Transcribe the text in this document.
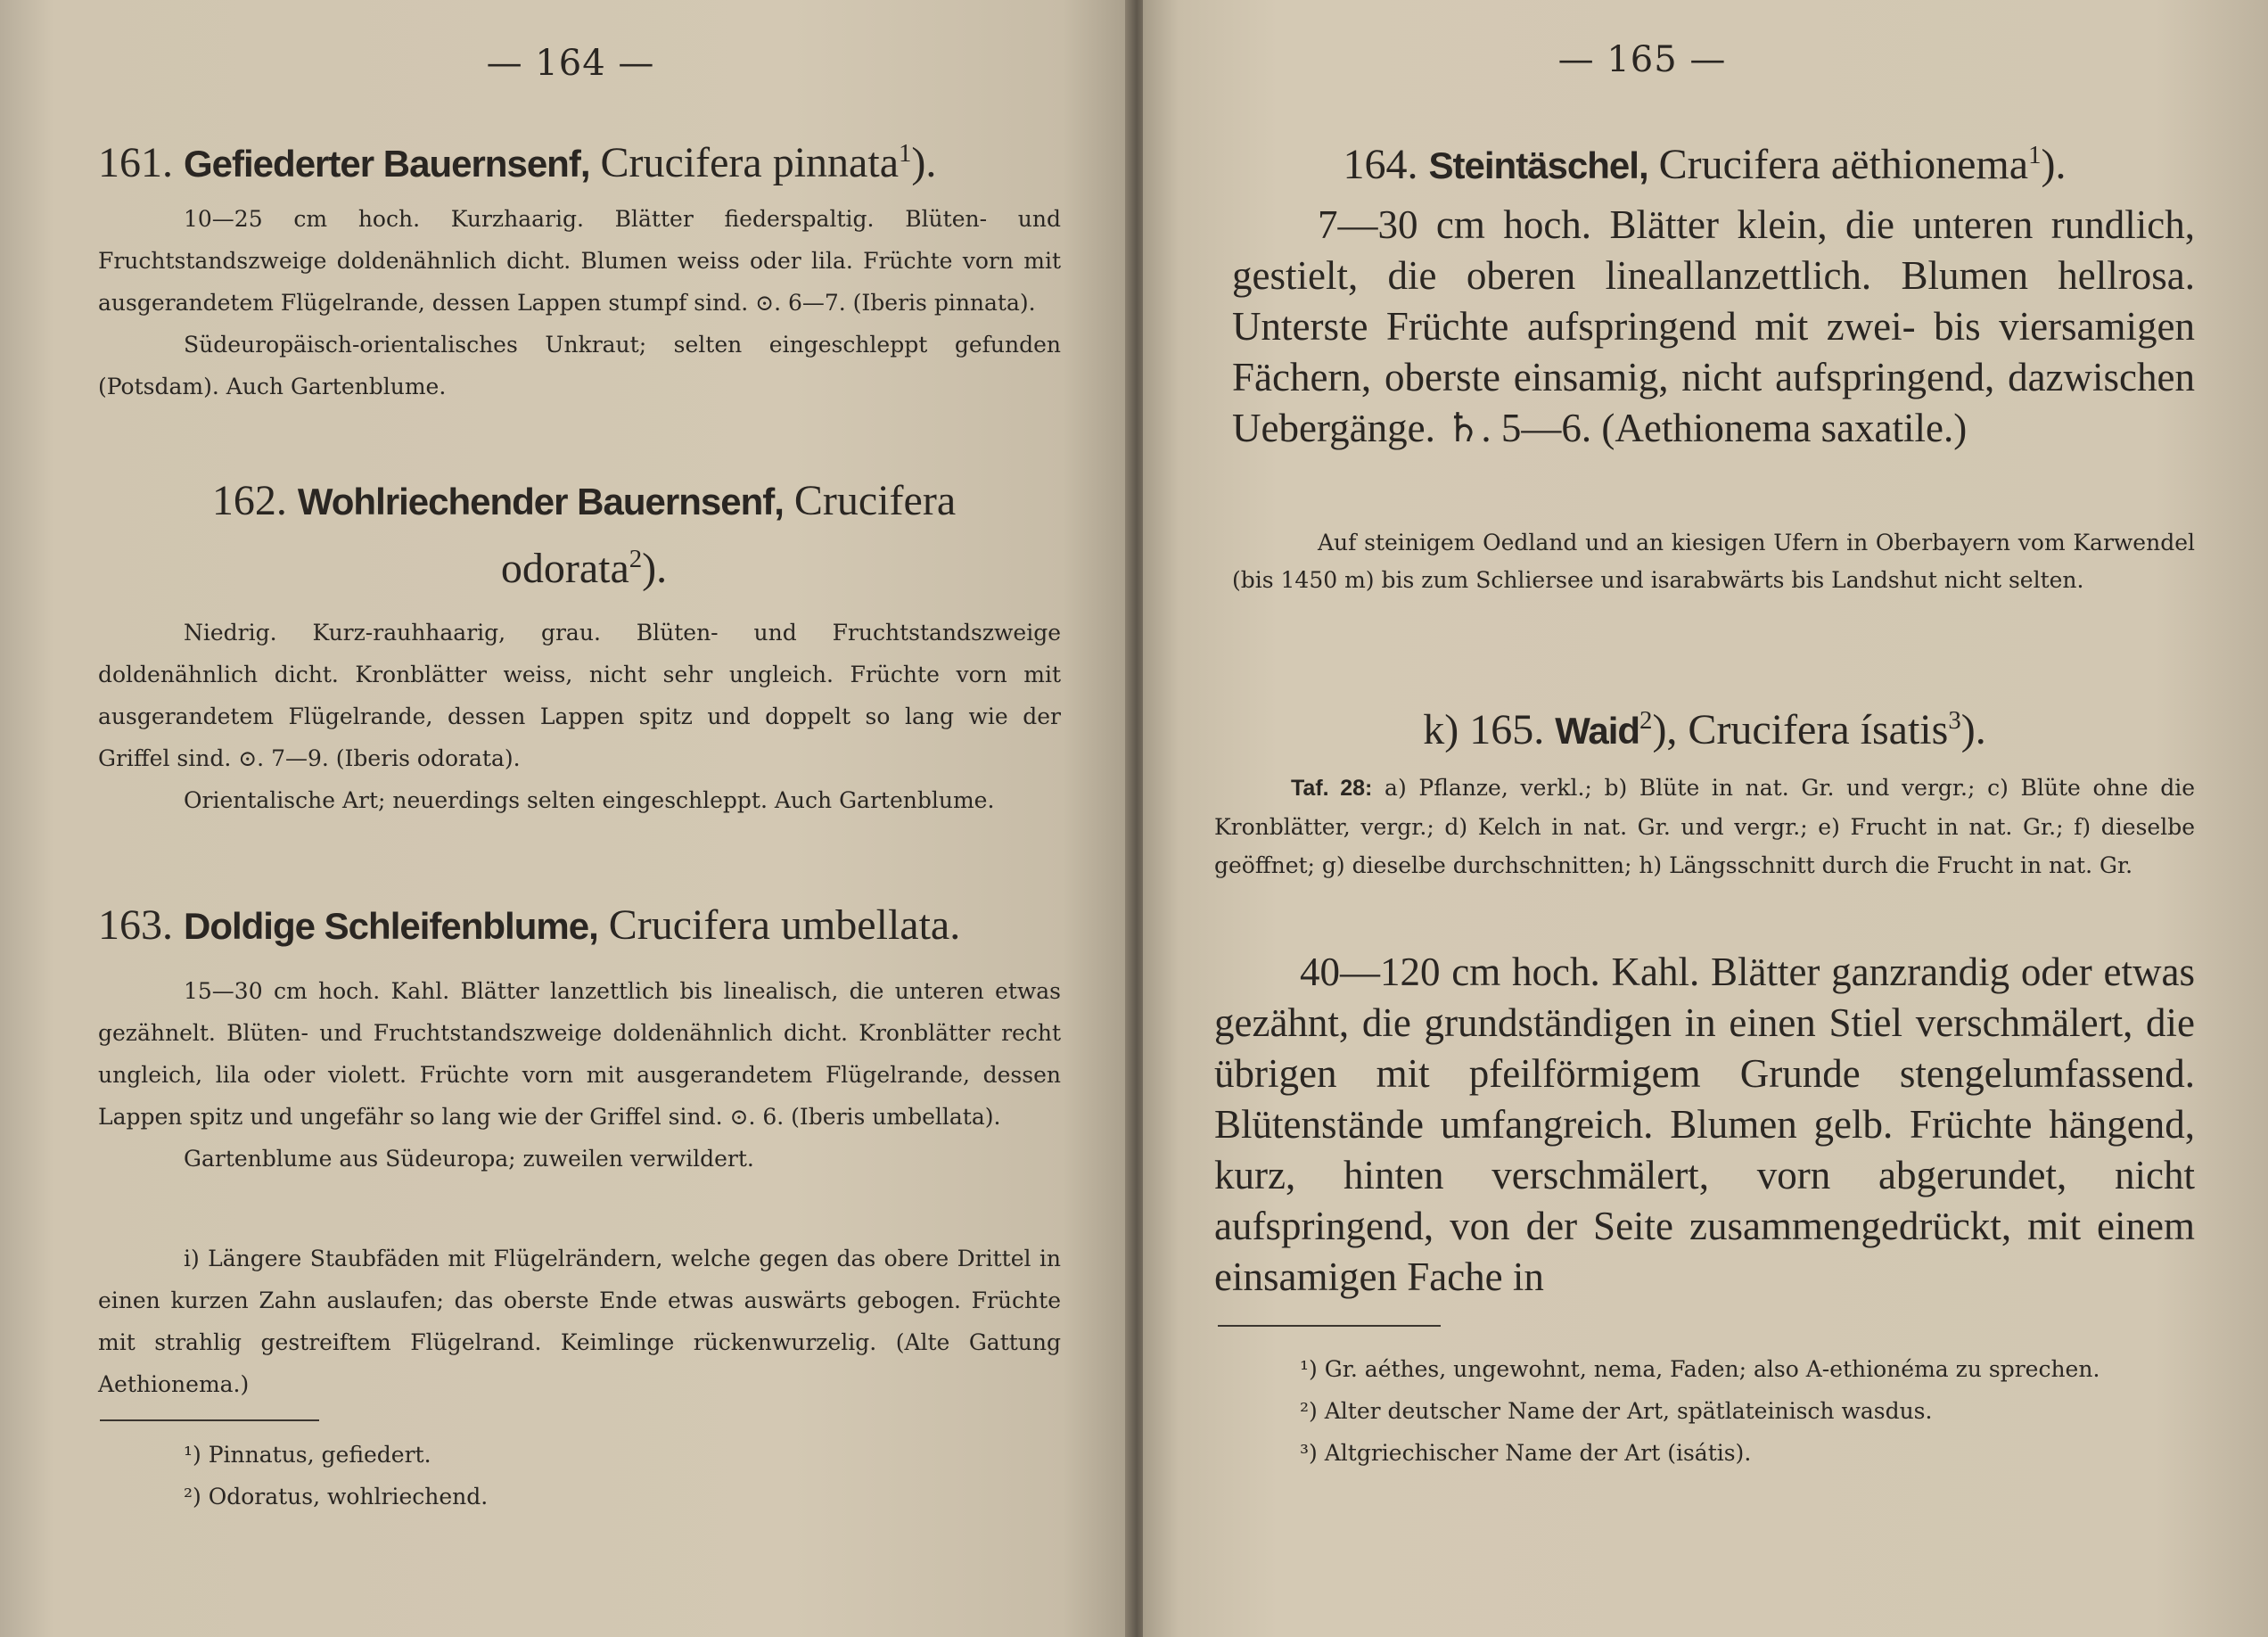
— 164 —
161. Gefiederter Bauernsenf, Crucifera pinnata$^1$).

10—25 cm hoch. Kurzhaarig. Blätter fiederspaltig. Blüten- und Fruchtstandszweige doldenähnlich dicht. Blumen weiss oder lila. Früchte vorn mit ausgerandetem Flügelrande, dessen Lappen stumpf sind. ⊙. 6—7. (Iberis pinnata).

Südeuropäisch-orientalisches Unkraut; selten eingeschleppt gefunden (Potsdam). Auch Gartenblume.

162. Wohlriechender Bauernsenf, Crucifera odorata$^2$).

Niedrig. Kurz-rauhhaarig, grau. Blüten- und Fruchtstandszweige doldenähnlich dicht. Kronblätter weiss, nicht sehr ungleich. Früchte vorn mit ausgerandetem Flügelrande, dessen Lappen spitz und doppelt so lang wie der Griffel sind. ⊙. 7—9. (Iberis odorata).

Orientalische Art; neuerdings selten eingeschleppt. Auch Gartenblume.

163. Doldige Schleifenblume, Crucifera umbellata.

15—30 cm hoch. Kahl. Blätter lanzettlich bis linealisch, die unteren etwas gezähnelt. Blüten- und Fruchtstandszweige doldenähnlich dicht. Kronblätter recht ungleich, lila oder violett. Früchte vorn mit ausgerandetem Flügelrande, dessen Lappen spitz und ungefähr so lang wie der Griffel sind. ⊙. 6. (Iberis umbellata).

Gartenblume aus Südeuropa; zuweilen verwildert.

i) Längere Staubfäden mit Flügelrändern, welche gegen das obere Drittel in einen kurzen Zahn auslaufen; das oberste Ende etwas auswärts gebogen. Früchte mit strahlig gestreiftem Flügelrand. Keimlinge rückenwurzelig. (Alte Gattung Aethionema.)

¹) Pinnatus, gefiedert.

²) Odoratus, wohlriechend.

— 165 —
164. Steintäschel, Crucifera aëthionema$^1$).

7—30 cm hoch. Blätter klein, die unteren rundlich, gestielt, die oberen lineallanzettlich. Blumen hellrosa. Unterste Früchte aufspringend mit zwei- bis viersamigen Fächern, oberste einsamig, nicht aufspringend, dazwischen Uebergänge. ♄. 5—6. (Aethionema saxatile.)

Auf steinigem Oedland und an kiesigen Ufern in Oberbayern vom Karwendel (bis 1450 m) bis zum Schliersee und isarabwärts bis Landshut nicht selten.

k) 165. Waid$^2$), Crucifera ísatis$^3$).

Taf. 28: a) Pflanze, verkl.; b) Blüte in nat. Gr. und vergr.; c) Blüte ohne die Kronblätter, vergr.; d) Kelch in nat. Gr. und vergr.; e) Frucht in nat. Gr.; f) dieselbe geöffnet; g) dieselbe durchschnitten; h) Längsschnitt durch die Frucht in nat. Gr.

40—120 cm hoch. Kahl. Blätter ganzrandig oder etwas gezähnt, die grundständigen in einen Stiel verschmälert, die übrigen mit pfeilförmigem Grunde stengelumfassend. Blütenstände umfangreich. Blumen gelb. Früchte hängend, kurz, hinten verschmälert, vorn abgerundet, nicht aufspringend, von der Seite zusammengedrückt, mit einem einsamigen Fache in

¹) Gr. aéthes, ungewohnt, nema, Faden; also A-ethionéma zu sprechen.

²) Alter deutscher Name der Art, spätlateinisch wasdus.

³) Altgriechischer Name der Art (isátis).
